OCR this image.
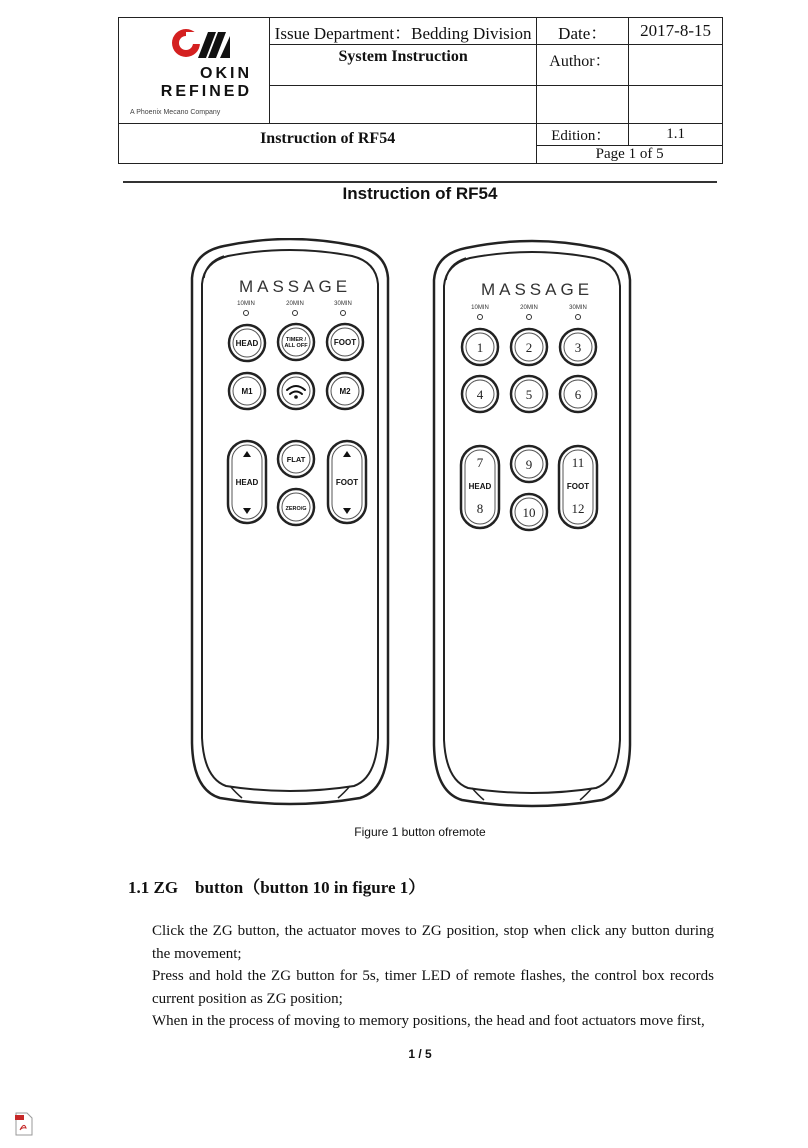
OKIN
REFINED
A Phoenix Mecano Company	Issue Department：Bedding Division	Date：	2017-8-15
	System Instruction	Author：	

Instruction of RF54		Edition：	1.1
		Page 1 of 5	
Instruction of RF54
MASSAGE
10MIN	20MIN	30MIN
HEAD	TIMER /
ALL OFF	FOOT
M1	M2
HEAD
FLAT
ZERO/G
FOOT
MASSAGE
10MIN	20MIN	30MIN
1	2	3
4	5	6
7
HEAD
8
9
10
11
FOOT
12
Figure 1 button ofremote
1.1 ZG    button（button 10 in figure 1）
Click the ZG button, the actuator moves to ZG position, stop when click any button during the movement;
Press and hold the ZG button for 5s, timer LED of remote flashes, the control box records current position as ZG position;
When in the process of moving to memory positions, the head and foot actuators move first,
1 / 5
